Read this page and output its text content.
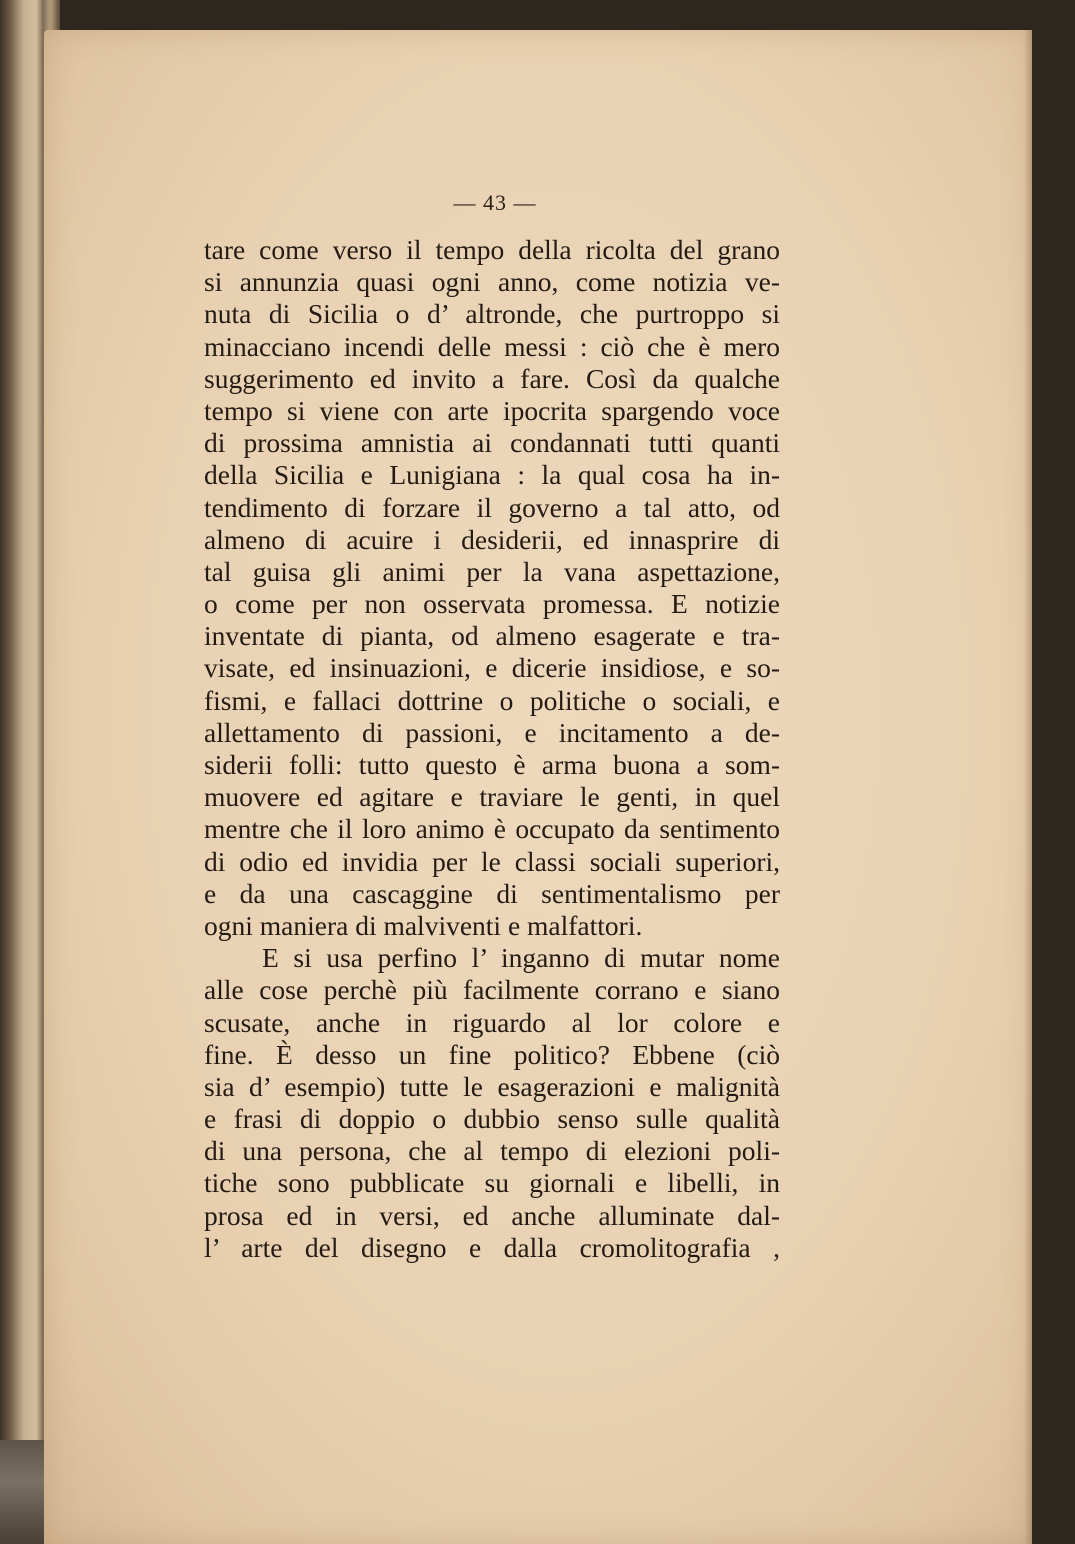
— 43 —
tare come verso il tempo della ricolta del grano
si annunzia quasi ogni anno, come notizia ve-
nuta di Sicilia o d’ altronde, che purtroppo si
minacciano incendi delle messi : ciò che è mero
suggerimento ed invito a fare. Così da qualche
tempo si viene con arte ipocrita spargendo voce
di prossima amnistia ai condannati tutti quanti
della Sicilia e Lunigiana : la qual cosa ha in-
tendimento di forzare il governo a tal atto, od
almeno di acuire i desiderii, ed innasprire di
tal guisa gli animi per la vana aspettazione,
o come per non osservata promessa. E notizie
inventate di pianta, od almeno esagerate e tra-
visate, ed insinuazioni, e dicerie insidiose, e so-
fismi, e fallaci dottrine o politiche o sociali, e
allettamento di passioni, e incitamento a de-
siderii folli: tutto questo è arma buona a som-
muovere ed agitare e traviare le genti, in quel
mentre che il loro animo è occupato da sentimento
di odio ed invidia per le classi sociali superiori,
e da una cascaggine di sentimentalismo per
ogni maniera di malviventi e malfattori.
E si usa perfino l’ inganno di mutar nome
alle cose perchè più facilmente corrano e siano
scusate, anche in riguardo al lor colore e
fine. È desso un fine politico? Ebbene (ciò
sia d’ esempio) tutte le esagerazioni e malignità
e frasi di doppio o dubbio senso sulle qualità
di una persona, che al tempo di elezioni poli-
tiche sono pubblicate su giornali e libelli, in
prosa ed in versi, ed anche alluminate dal-
l’ arte del disegno e dalla cromolitografia ,
